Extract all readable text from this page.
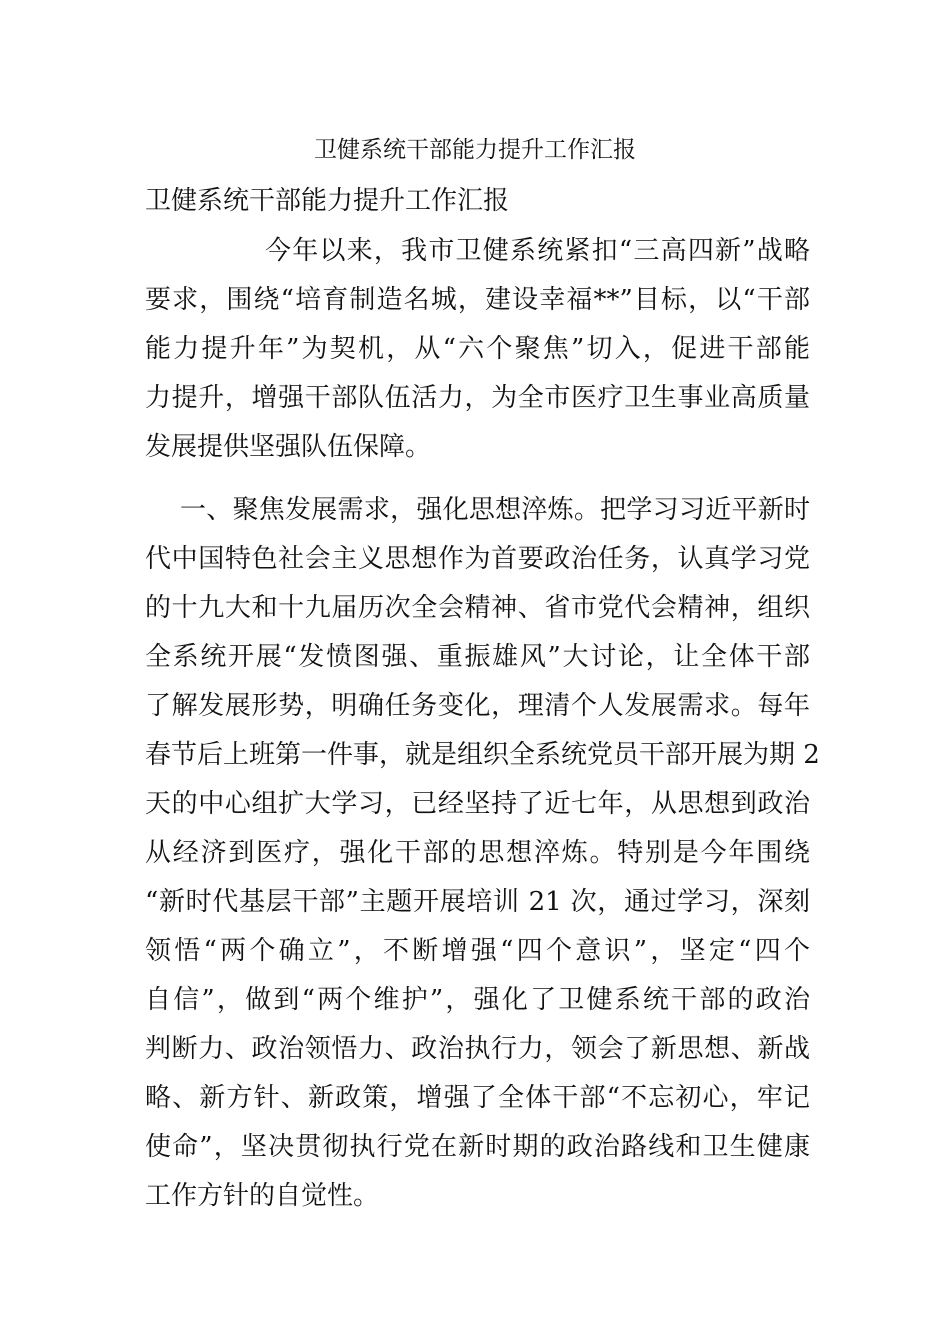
卫健系统干部能力提升工作汇报
卫健系统干部能力提升工作汇报
今年以来，我市卫健系统紧扣“三高四新”战略
要求，围绕“培育制造名城，建设幸福**”目标，以“干部
能力提升年”为契机，从“六个聚焦”切入，促进干部能
力提升，增强干部队伍活力，为全市医疗卫生事业高质量
发展提供坚强队伍保障。
一、聚焦发展需求，强化思想淬炼。把学习习近平新时
代中国特色社会主义思想作为首要政治任务，认真学习党
的十九大和十九届历次全会精神、省市党代会精神，组织
全系统开展“发愤图强、重振雄风”大讨论，让全体干部
了解发展形势，明确任务变化，理清个人发展需求。每年
春节后上班第一件事，就是组织全系统党员干部开展为期 2
天的中心组扩大学习，已经坚持了近七年，从思想到政治
从经济到医疗，强化干部的思想淬炼。特别是今年围绕
“新时代基层干部”主题开展培训 21 次，通过学习，深刻
领悟“两个确立”，不断增强“四个意识”，坚定“四个
自信”，做到“两个维护”，强化了卫健系统干部的政治
判断力、政治领悟力、政治执行力，领会了新思想、新战
略、新方针、新政策，增强了全体干部“不忘初心，牢记
使命”，坚决贯彻执行党在新时期的政治路线和卫生健康
工作方针的自觉性。
